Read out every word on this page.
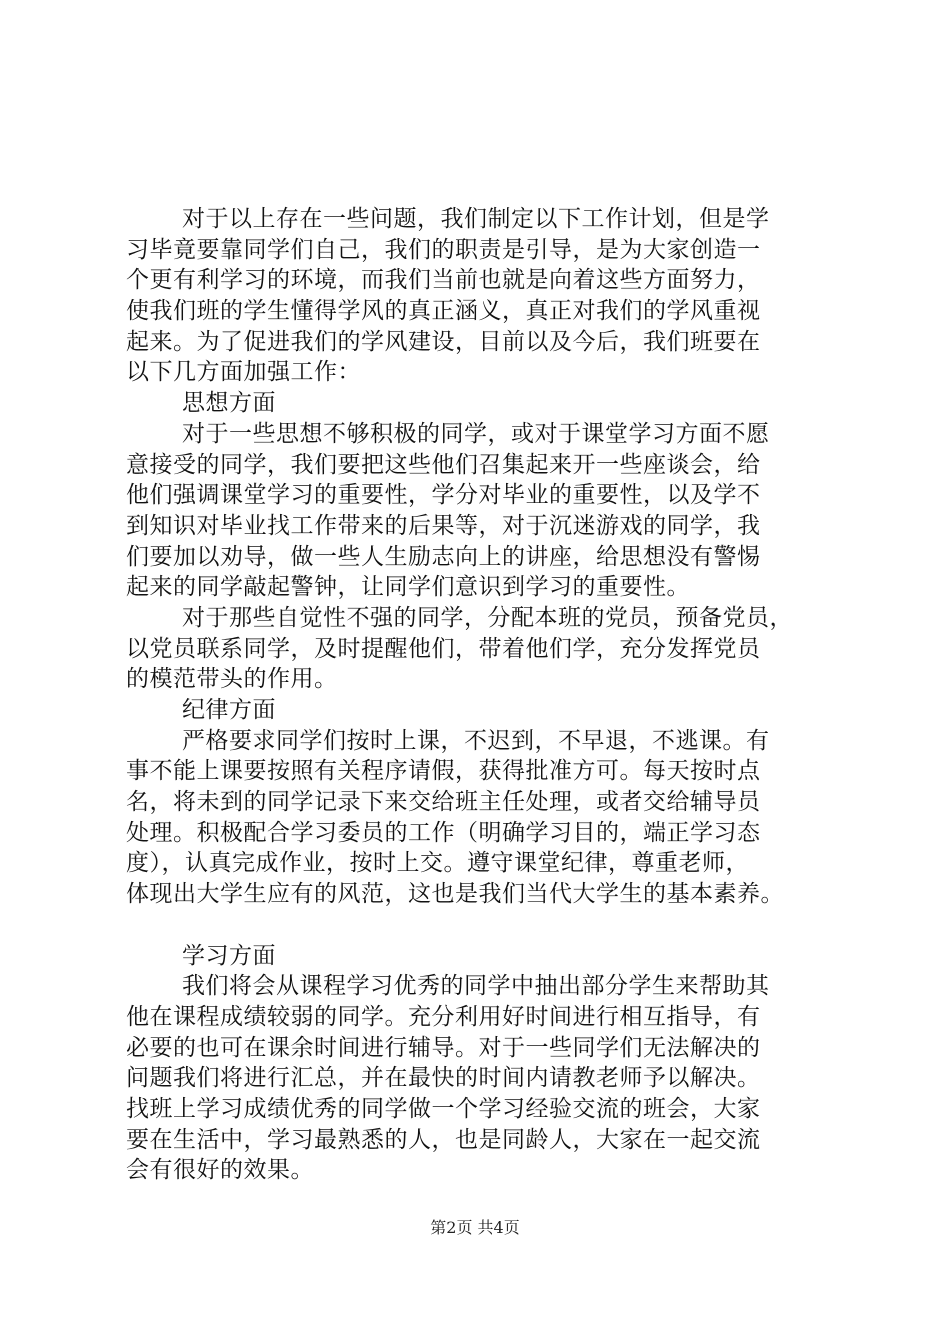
对于以上存在一些问题，我们制定以下工作计划，但是学
习毕竟要靠同学们自己，我们的职责是引导，是为大家创造一
个更有利学习的环境，而我们当前也就是向着这些方面努力，
使我们班的学生懂得学风的真正涵义，真正对我们的学风重视
起来。为了促进我们的学风建设，目前以及今后，我们班要在
以下几方面加强工作：
思想方面
对于一些思想不够积极的同学，或对于课堂学习方面不愿
意接受的同学，我们要把这些他们召集起来开一些座谈会，给
他们强调课堂学习的重要性，学分对毕业的重要性，以及学不
到知识对毕业找工作带来的后果等，对于沉迷游戏的同学，我
们要加以劝导，做一些人生励志向上的讲座，给思想没有警惕
起来的同学敲起警钟，让同学们意识到学习的重要性。
对于那些自觉性不强的同学，分配本班的党员，预备党员，
以党员联系同学，及时提醒他们，带着他们学，充分发挥党员
的模范带头的作用。
纪律方面
严格要求同学们按时上课，不迟到，不早退，不逃课。有
事不能上课要按照有关程序请假，获得批准方可。每天按时点
名，将未到的同学记录下来交给班主任处理，或者交给辅导员
处理。积极配合学习委员的工作（明确学习目的，端正学习态
度），认真完成作业，按时上交。遵守课堂纪律，尊重老师，
体现出大学生应有的风范，这也是我们当代大学生的基本素养。
学习方面
我们将会从课程学习优秀的同学中抽出部分学生来帮助其
他在课程成绩较弱的同学。充分利用好时间进行相互指导，有
必要的也可在课余时间进行辅导。对于一些同学们无法解决的
问题我们将进行汇总，并在最快的时间内请教老师予以解决。
找班上学习成绩优秀的同学做一个学习经验交流的班会，大家
要在生活中，学习最熟悉的人，也是同龄人，大家在一起交流
会有很好的效果。
第2页 共4页
